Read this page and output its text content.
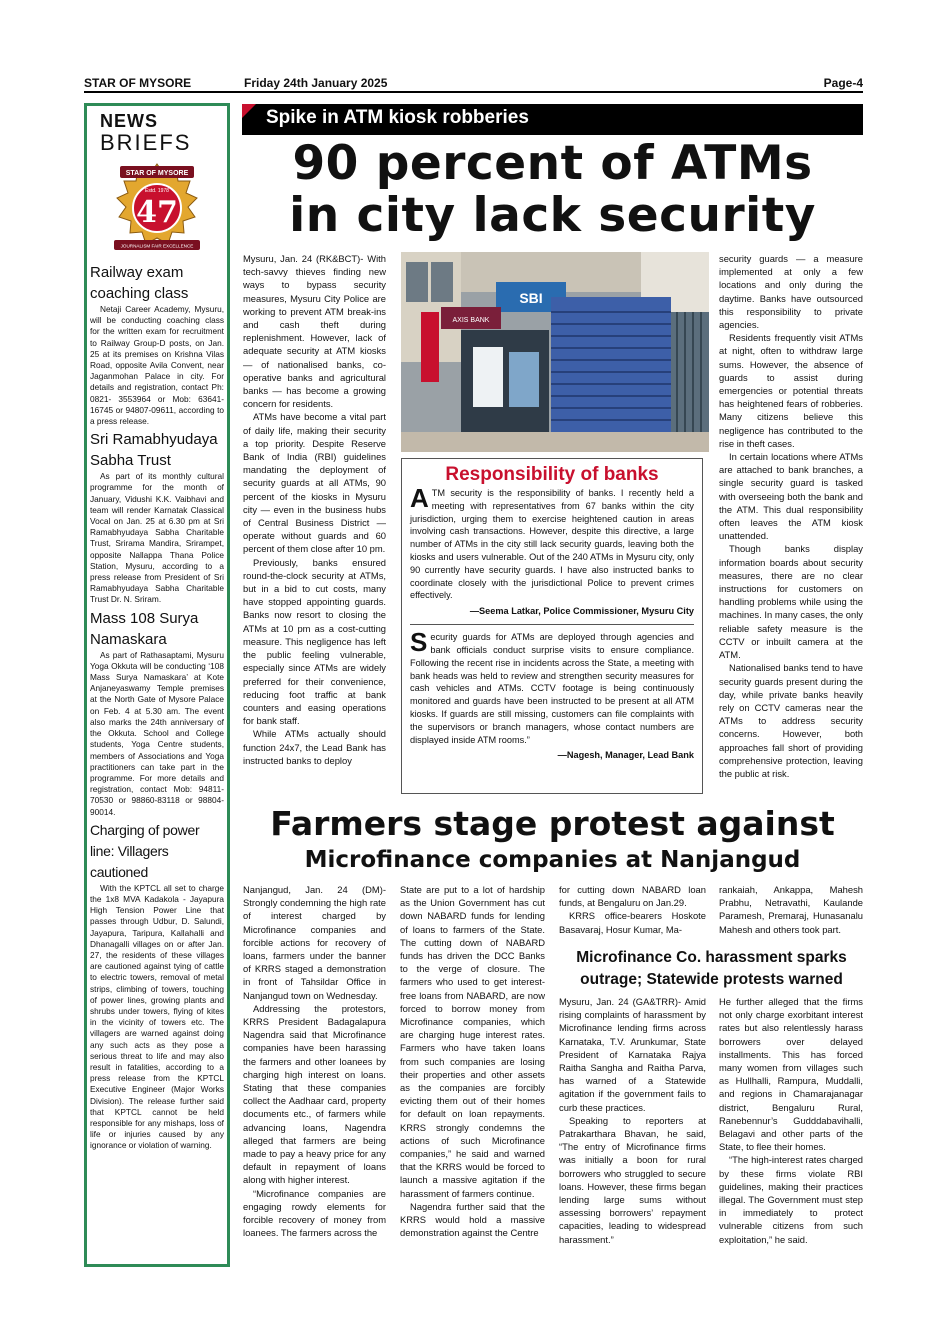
STAR OF MYSORE	Friday 24th January 2025	Page-4
NEWS
BRIEFS
STAR OF MYSORE
Estd. 1978
47
JOURNALISM FAIR EXCELLENCE
Railway exam coaching class

Netaji Career Academy, Mysuru, will be conducting coaching class for the written exam for recruitment to Railway Group-D posts, on Jan. 25 at its premises on Krishna Vilas Road, opposite Avila Convent, near Jaganmohan Palace in city. For details and registration, contact Ph: 0821- 3553964 or Mob: 63641-16745 or 94807-09611, according to a press release.

Sri Ramabhyudaya Sabha Trust

As part of its monthly cultural programme for the month of January, Vidushi K.K. Vaibhavi and team will render Karnatak Classical Vocal on Jan. 25 at 6.30 pm at Sri Ramabhyudaya Sabha Charitable Trust, Srirama Mandira, Srirampet, opposite Nallappa Thana Police Station, Mysuru, according to a press release from President of Sri Ramabhyudaya Sabha Charitable Trust Dr. N. Sriram.

Mass 108 Surya Namaskara

As part of Rathasaptami, Mysuru Yoga Okkuta will be conducting ‘108 Mass Surya Namaskara’ at Kote Anjaneyaswamy Temple premises at the North Gate of Mysore Palace on Feb. 4 at 5.30 am. The event also marks the 24th anniversary of the Okkuta. School and College students, Yoga Centre students, members of Associations and Yoga practitioners can take part in the programme. For more details and registration, contact Mob: 94811-70530 or 98860-83118 or 98804-90014.

Charging of power line: Villagers cautioned

With the KPTCL all set to charge the 1x8 MVA Kadakola - Jayapura High Tension Power Line that passes through Udbur, D. Salundi, Jayapura, Taripura, Kallahalli and Dhanagalli villages on or after Jan. 27, the residents of these villages are cautioned against tying of cattle to electric towers, removal of metal strips, climbing of towers, touching of power lines, growing plants and shrubs under towers, flying of kites in the vicinity of towers etc. The villagers are warned against doing any such acts as they pose a serious threat to life and may also result in fatalities, according to a press release from the KPTCL Executive Engineer (Major Works Division). The release further said that KPTCL cannot be held responsible for any mishaps, loss of life or injuries caused by any ignorance or violation of warning.

Spike in ATM kiosk robberies
90 percent of ATMs
in city lack security

Mysuru, Jan. 24 (RK&BCT)- With tech-savvy thieves finding new ways to bypass security measures, Mysuru City Police are working to prevent ATM break-ins and cash theft during replenishment. However, lack of adequate security at ATM kiosks — of nationalised banks, co-operative banks and agricultural banks — has become a growing concern for residents.

ATMs have become a vital part of daily life, making their security a top priority. Despite Reserve Bank of India (RBI) guidelines mandating the deployment of security guards at all ATMs, 90 percent of the kiosks in Mysuru city — even in the business hubs of Central Business District — operate without guards and 60 percent of them close after 10 pm.

Previously, banks ensured round-the-clock security at ATMs, but in a bid to cut costs, many have stopped appointing guards. Banks now resort to closing the ATMs at 10 pm as a cost-cutting measure. This negligence has left the public feeling vulnerable, especially since ATMs are widely preferred for their convenience, reducing foot traffic at bank counters and easing operations for bank staff.

While ATMs actually should function 24x7, the Lead Bank has instructed banks to deploy

SBI
AXIS BANK
Responsibility of banks
ATM security is the responsibility of banks. I recently held a meeting with representatives from 67 banks within the city jurisdiction, urging them to exercise heightened caution in areas involving cash transactions. However, despite this directive, a large number of ATMs in the city still lack security guards, leaving both the kiosks and users vulnerable. Out of the 240 ATMs in Mysuru city, only 90 currently have security guards. I have also instructed banks to coordinate closely with the jurisdictional Police to prevent crimes effectively.
—Seema Latkar, Police Commissioner, Mysuru City
Security guards for ATMs are deployed through agencies and bank officials conduct surprise visits to ensure compliance. Following the recent rise in incidents across the State, a meeting with bank heads was held to review and strengthen security measures for cash vehicles and ATMs. CCTV footage is being continuously monitored and guards have been instructed to be present at all ATM kiosks. If guards are still missing, customers can file complaints with the supervisors or branch managers, whose contact numbers are displayed inside ATM rooms.”
—Nagesh, Manager, Lead Bank

security guards — a measure implemented at only a few locations and only during the daytime. Banks have outsourced this responsibility to private agencies.

Residents frequently visit ATMs at night, often to withdraw large sums. However, the absence of guards to assist during emergencies or potential threats has heightened fears of robberies. Many citizens believe this negligence has contributed to the rise in theft cases.

In certain locations where ATMs are attached to bank branches, a single security guard is tasked with overseeing both the bank and the ATM. This dual responsibility often leaves the ATM kiosk unattended.

Though banks display information boards about security measures, there are no clear instructions for customers on handling problems while using the machines. In many cases, the only reliable safety measure is the CCTV or inbuilt camera at the ATM.

Nationalised banks tend to have security guards present during the day, while private banks heavily rely on CCTV cameras near the ATMs to address security concerns. However, both approaches fall short of providing comprehensive protection, leaving the public at risk.

Farmers stage protest against
Microfinance companies at Nanjangud

Nanjangud, Jan. 24 (DM)- Strongly condemning the high rate of interest charged by Microfinance companies and forcible actions for recovery of loans, farmers under the banner of KRRS staged a demonstration in front of Tahsildar Office in Nanjangud town on Wednesday.

Addressing the protestors, KRRS President Badagalapura Nagendra said that Microfinance companies have been harassing the farmers and other loanees by charging high interest on loans. Stating that these companies collect the Aadhaar card, property documents etc., of farmers while advancing loans, Nagendra alleged that farmers are being made to pay a heavy price for any default in repayment of loans along with higher interest.

“Microfinance companies are engaging rowdy elements for forcible recovery of money from loanees. The farmers across the

State are put to a lot of hardship as the Union Government has cut down NABARD funds for lending of loans to farmers of the State. The cutting down of NABARD funds has driven the DCC Banks to the verge of closure. The farmers who used to get interest-free loans from NABARD, are now forced to borrow money from Microfinance companies, which are charging huge interest rates. Farmers who have taken loans from such companies are losing their properties and other assets as the companies are forcibly evicting them out of their homes for default on loan repayments. KRRS strongly condemns the actions of such Microfinance companies,” he said and warned that the KRRS would be forced to launch a massive agitation if the harassment of farmers continue.

Nagendra further said that the KRRS would hold a massive demonstration against the Centre

for cutting down NABARD loan funds, at Bengaluru on Jan.29.

KRRS office-bearers Hoskote Basavaraj, Hosur Kumar, Ma-

rankaiah, Ankappa, Mahesh Prabhu, Netravathi, Kaulande Paramesh, Premaraj, Hunasanalu Mahesh and others took part.

Microfinance Co. harassment sparks outrage; Statewide protests warned

Mysuru, Jan. 24 (GA&TRR)- Amid rising complaints of harassment by Microfinance lending firms across Karnataka, T.V. Arunkumar, State President of Karnataka Rajya Raitha Sangha and Raitha Parva, has warned of a Statewide agitation if the government fails to curb these practices.

Speaking to reporters at Patrakarthara Bhavan, he said, “The entry of Microfinance firms was initially a boon for rural borrowers who struggled to secure loans. However, these firms began lending large sums without assessing borrowers’ repayment capacities, leading to widespread harassment.”

He further alleged that the firms not only charge exorbitant interest rates but also relentlessly harass borrowers over delayed installments. This has forced many women from villages such as Hullhalli, Rampura, Muddalli, and regions in Chamarajanagar district, Bengaluru Rural, Ranebennur’s Gudddabavihalli, Belagavi and other parts of the State, to flee their homes.

“The high-interest rates charged by these firms violate RBI guidelines, making their practices illegal. The Government must step in immediately to protect vulnerable citizens from such exploitation,” he said.
